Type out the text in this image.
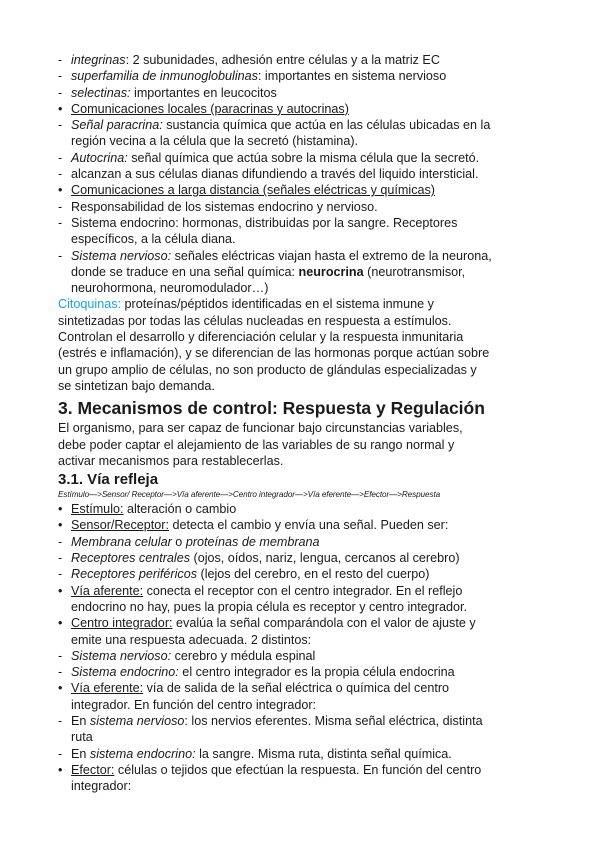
- integrinas: 2 subunidades, adhesión entre células y a la matriz EC
- superfamilia de inmunoglobulinas: importantes en sistema nervioso
- selectinas: importantes en leucocitos
• Comunicaciones locales (paracrinas y autocrinas)
- Señal paracrina: sustancia química que actúa en las células ubicadas en la
región vecina a la célula que la secretó (histamina).
- Autocrina: señal química que actúa sobre la misma célula que la secretó.
- alcanzan a sus células dianas difundiendo a través del liquido intersticial.
• Comunicaciones a larga distancia (señales eléctricas y químicas)
- Responsabilidad de los sistemas endocrino y nervioso.
- Sistema endocrino: hormonas, distribuidas por la sangre. Receptores
específicos, a la célula diana.
- Sistema nervioso: señales eléctricas viajan hasta el extremo de la neurona,
donde se traduce en una señal química: neurocrina (neurotransmisor,
neurohormona, neuromodulador…)
Citoquinas: proteínas/péptidos identificadas en el sistema inmune y
sintetizadas por todas las células nucleadas en respuesta a estímulos.
Controlan el desarrollo y diferenciación celular y la respuesta inmunitaria
(estrés e inflamación), y se diferencian de las hormonas porque actúan sobre
un grupo amplio de células, no son producto de glándulas especializadas y
se sintetizan bajo demanda.
3. Mecanismos de control: Respuesta y Regulación
El organismo, para ser capaz de funcionar bajo circunstancias variables,
debe poder captar el alejamiento de las variables de su rango normal y
activar mecanismos para restablecerlas.
3.1. Vía refleja
Estímulo—>Sensor/ Receptor—>Vía aferente—>Centro integrador—>Vía eferente—>Efector—>Respuesta
• Estímulo: alteración o cambio
• Sensor/Receptor: detecta el cambio y envía una señal. Pueden ser:
- Membrana celular o proteínas de membrana
- Receptores centrales (ojos, oídos, nariz, lengua, cercanos al cerebro)
- Receptores periféricos (lejos del cerebro, en el resto del cuerpo)
• Vía aferente: conecta el receptor con el centro integrador. En el reflejo
endocrino no hay, pues la propia célula es receptor y centro integrador.
• Centro integrador: evalúa la señal comparándola con el valor de ajuste y
emite una respuesta adecuada. 2 distintos:
- Sistema nervioso: cerebro y médula espinal
- Sistema endocrino: el centro integrador es la propia célula endocrina
• Vía eferente: vía de salida de la señal eléctrica o química del centro
integrador. En función del centro integrador:
- En sistema nervioso: los nervios eferentes. Misma señal eléctrica, distinta
ruta
- En sistema endocrino: la sangre. Misma ruta, distinta señal química.
• Efector: células o tejidos que efectúan la respuesta. En función del centro
integrador:
